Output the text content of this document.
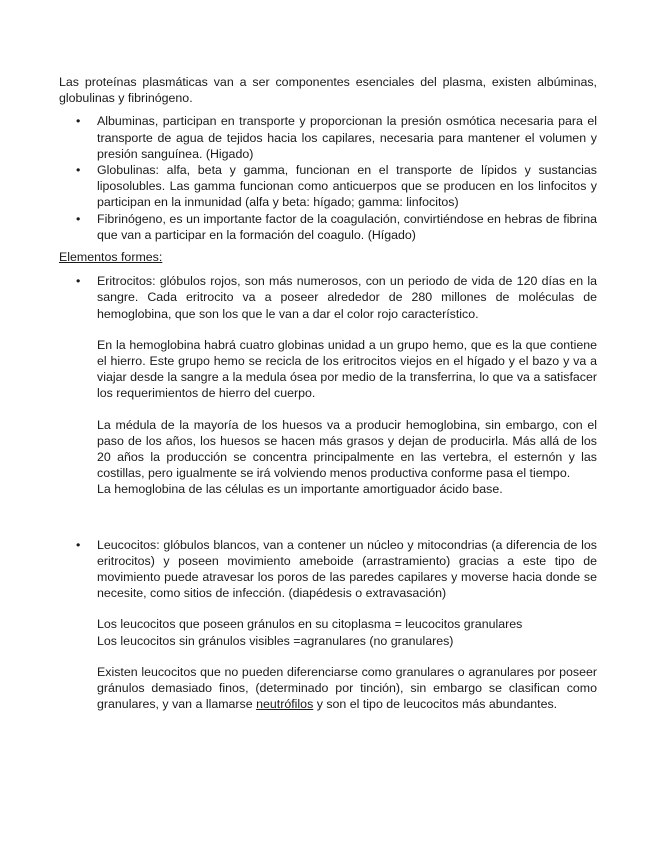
Las proteínas plasmáticas van a ser componentes esenciales del plasma, existen albúminas, globulinas y fibrinógeno.

• Albuminas, participan en transporte y proporcionan la presión osmótica necesaria para el transporte de agua de tejidos hacia los capilares, necesaria para mantener el volumen y presión sanguínea. (Higado)
• Globulinas: alfa, beta y gamma, funcionan en el transporte de lípidos y sustancias liposolubles. Las gamma funcionan como anticuerpos que se producen en los linfocitos y participan en la inmunidad (alfa y beta: hígado; gamma: linfocitos)
• Fibrinógeno, es un importante factor de la coagulación, convirtiéndose en hebras de fibrina que van a participar en la formación del coagulo. (Hígado)

Elementos formes:

• Eritrocitos: glóbulos rojos, son más numerosos, con un periodo de vida de 120 días en la sangre. Cada eritrocito va a poseer alrededor de 280 millones de moléculas de hemoglobina, que son los que le van a dar el color rojo característico.

En la hemoglobina habrá cuatro globinas unidad a un grupo hemo, que es la que contiene el hierro. Este grupo hemo se recicla de los eritrocitos viejos en el hígado y el bazo y va a viajar desde la sangre a la medula ósea por medio de la transferrina, lo que va a satisfacer los requerimientos de hierro del cuerpo.

La médula de la mayoría de los huesos va a producir hemoglobina, sin embargo, con el paso de los años, los huesos se hacen más grasos y dejan de producirla. Más allá de los 20 años la producción se concentra principalmente en las vertebra, el esternón y las costillas, pero igualmente se irá volviendo menos productiva conforme pasa el tiempo.
La hemoglobina de las células es un importante amortiguador ácido base.

• Leucocitos: glóbulos blancos, van a contener un núcleo y mitocondrias (a diferencia de los eritrocitos) y poseen movimiento ameboide (arrastramiento) gracias a este tipo de movimiento puede atravesar los poros de las paredes capilares y moverse hacia donde se necesite, como sitios de infección. (diapédesis o extravasación)

Los leucocitos que poseen gránulos en su citoplasma = leucocitos granulares
Los leucocitos sin gránulos visibles =agranulares (no granulares)

Existen leucocitos que no pueden diferenciarse como granulares o agranulares por poseer gránulos demasiado finos, (determinado por tinción), sin embargo se clasifican como granulares, y van a llamarse neutrófilos y son el tipo de leucocitos más abundantes.
